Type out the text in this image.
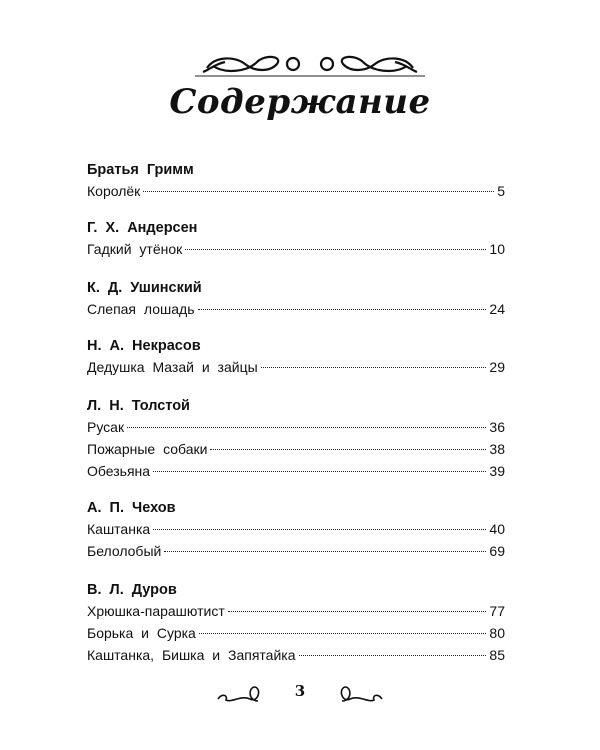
Содержание
Братья Гримм
Королёк	5
Г. Х. Андерсен
Гадкий утёнок	10
К. Д. Ушинский
Слепая лошадь	24
Н. А. Некрасов
Дедушка Мазай и зайцы	29
Л. Н. Толстой
Русак	36
Пожарные собаки	38
Обезьяна	39
А. П. Чехов
Каштанка	40
Белолобый	69
В. Л. Дуров
Хрюшка-парашютист	77
Борька и Сурка	80
Каштанка, Бишка и Запятайка	85
3
